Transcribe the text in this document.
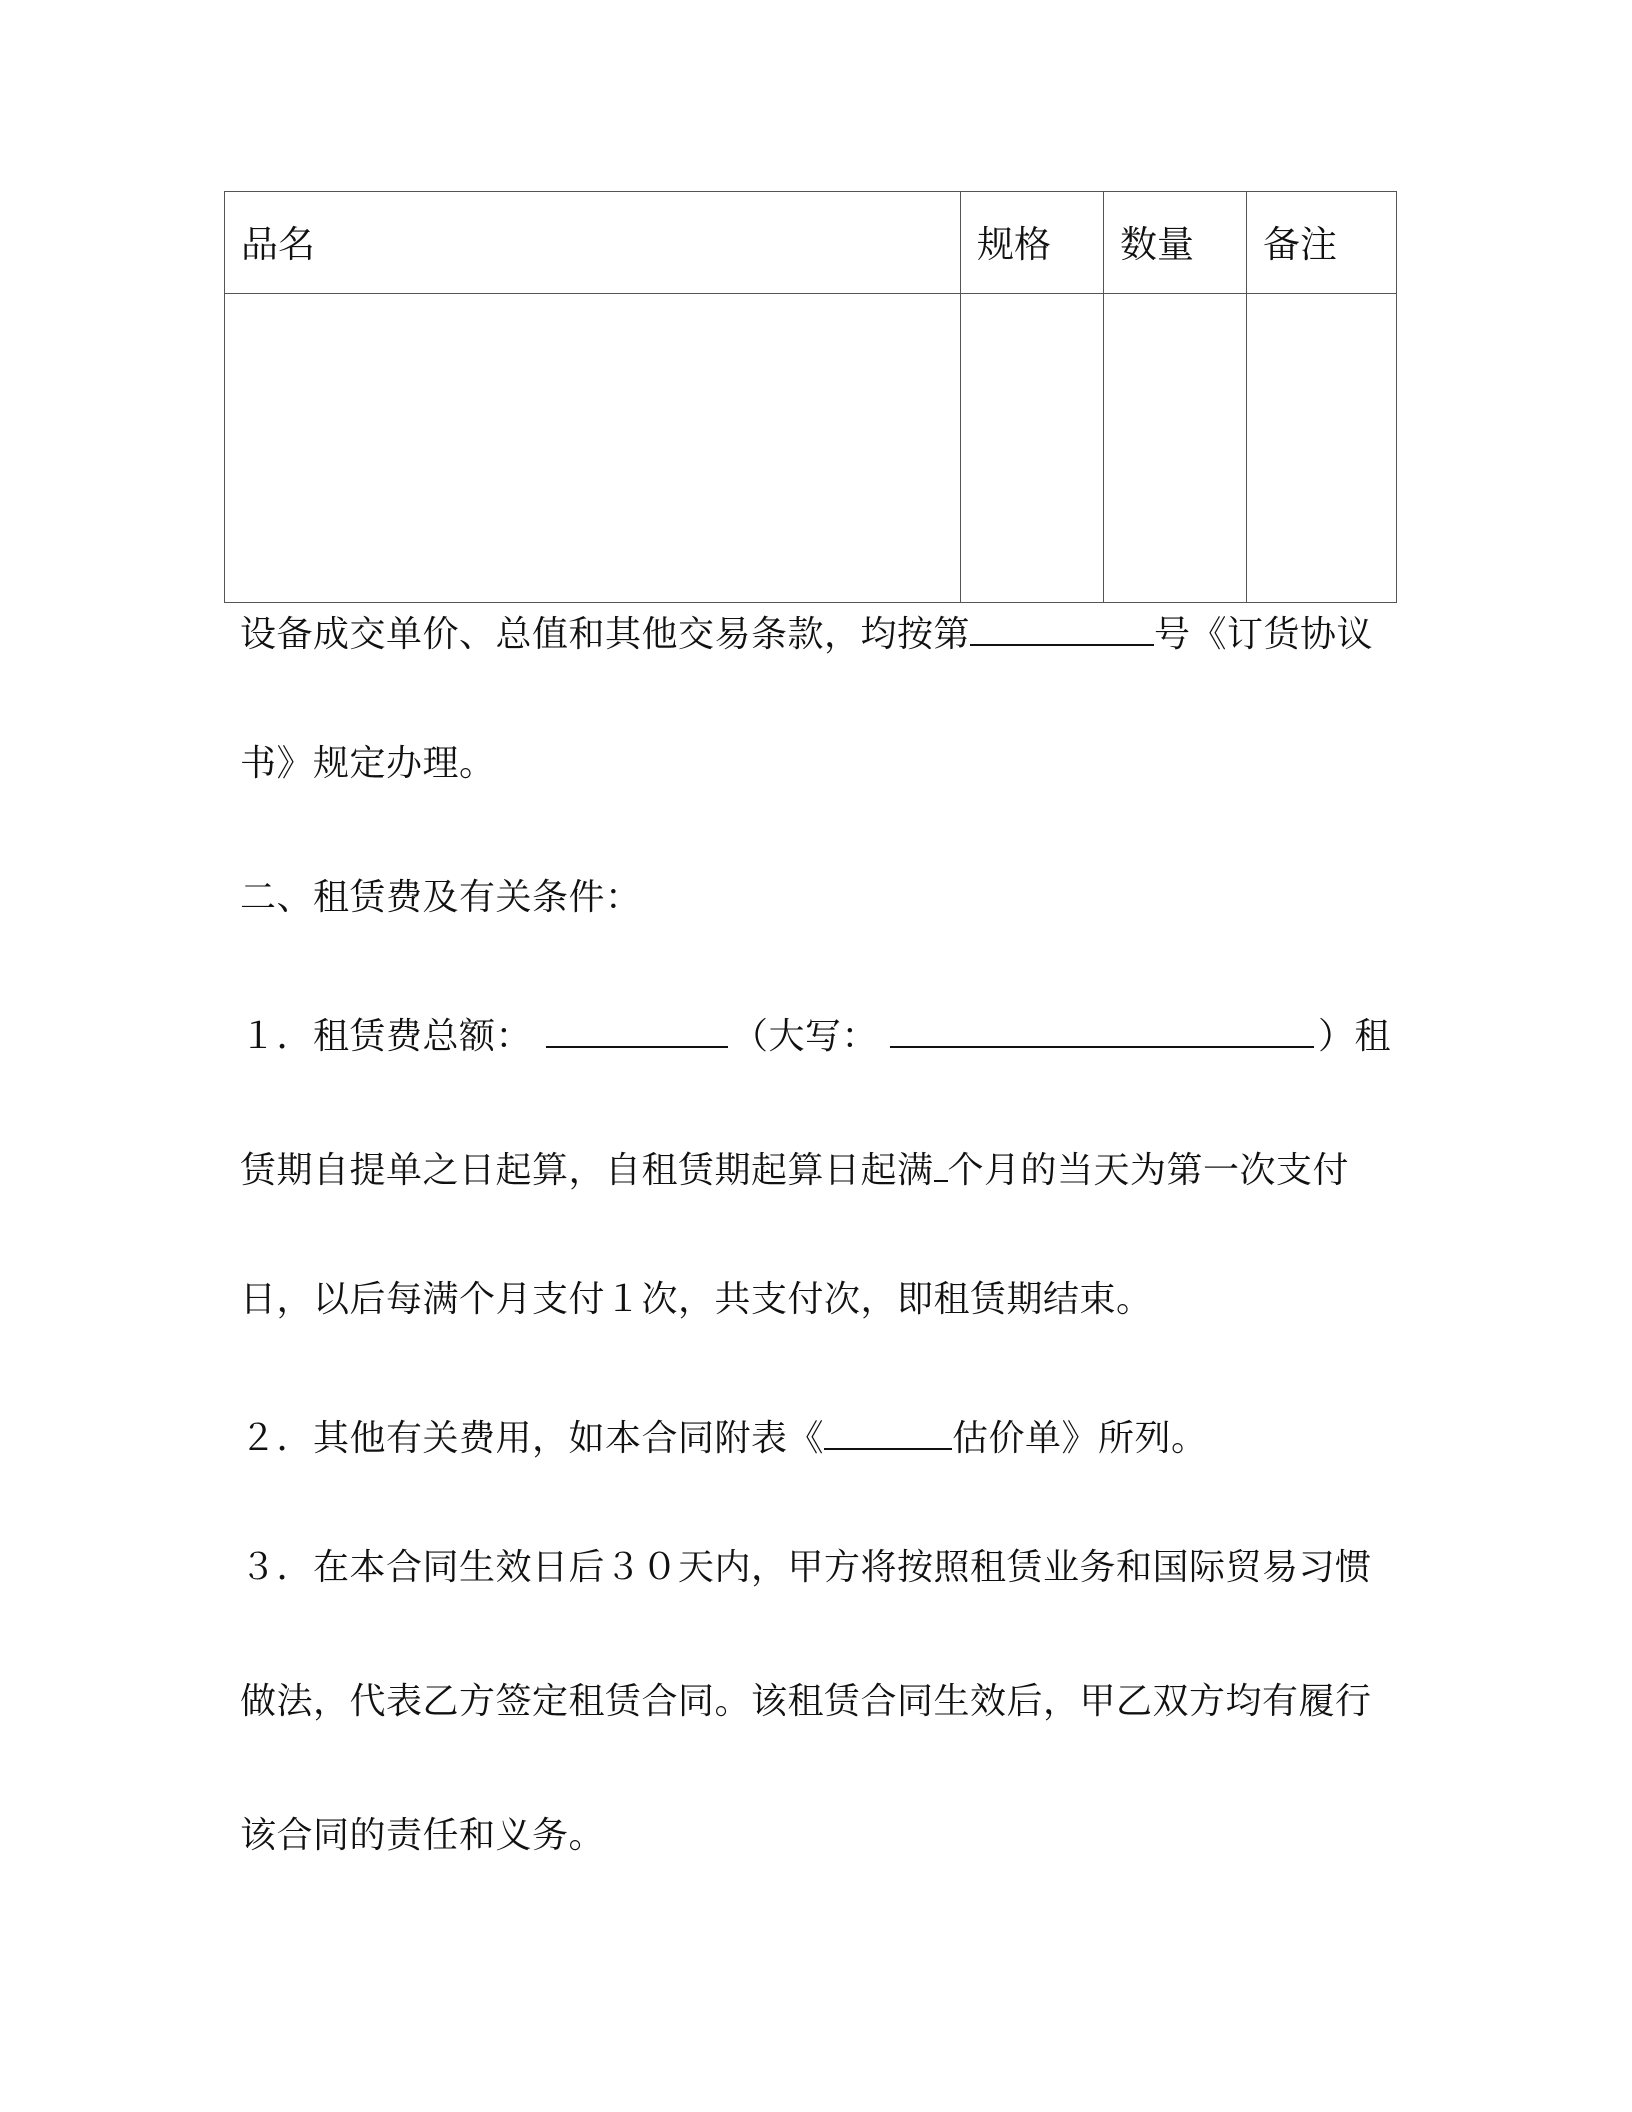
品名	规格	数量	备注

设备成交单价、总值和其他交易条款，均按第	号《订货协议
书》规定办理。
二、租赁费及有关条件：
１．租赁费总额：	（大写：	）租
赁期自提单之日起算，自租赁期起算日起满 个月的当天为第一次支付
日，以后每满个月支付１次，共支付次，即租赁期结束。
２．其他有关费用，如本合同附表《	估价单》所列。
３．在本合同生效日后３０天内，甲方将按照租赁业务和国际贸易习惯
做法，代表乙方签定租赁合同。该租赁合同生效后，甲乙双方均有履行
该合同的责任和义务。
